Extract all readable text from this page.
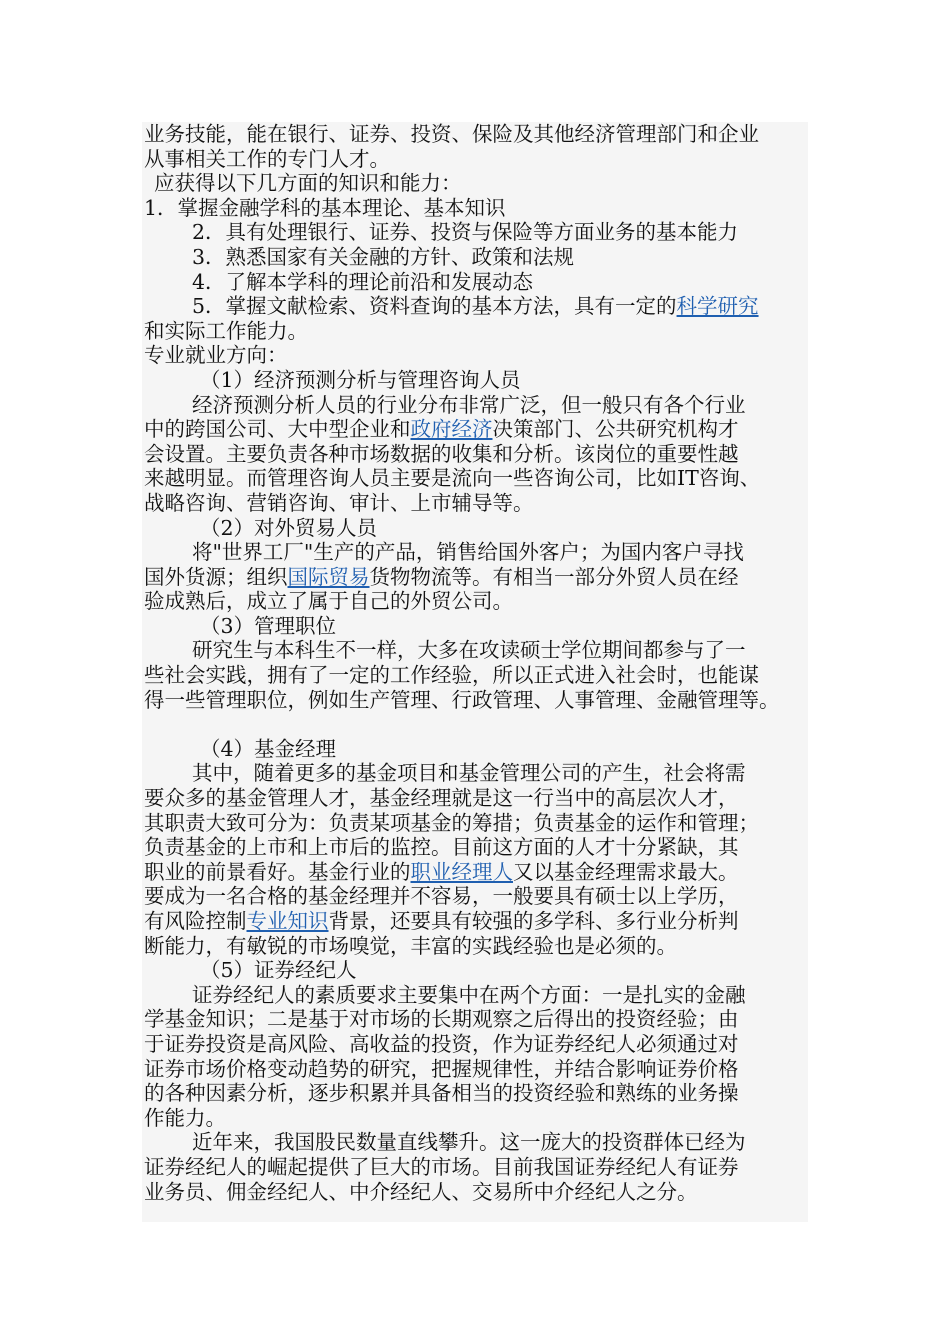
业务技能，能在银行、证券、投资、保险及其他经济管理部门和企业
从事相关工作的专门人才。
应获得以下几方面的知识和能力：
1．掌握金融学科的基本理论、基本知识
2．具有处理银行、证券、投资与保险等方面业务的基本能力
3．熟悉国家有关金融的方针、政策和法规
4．了解本学科的理论前沿和发展动态
5．掌握文献检索、资料查询的基本方法，具有一定的科学研究
和实际工作能力。
专业就业方向：
（1）经济预测分析与管理咨询人员
经济预测分析人员的行业分布非常广泛，但一般只有各个行业
中的跨国公司、大中型企业和政府经济决策部门、公共研究机构才
会设置。主要负责各种市场数据的收集和分析。该岗位的重要性越
来越明显。而管理咨询人员主要是流向一些咨询公司，比如IT咨询、
战略咨询、营销咨询、审计、上市辅导等。
（2）对外贸易人员
将"世界工厂"生产的产品，销售给国外客户；为国内客户寻找
国外货源；组织国际贸易货物物流等。有相当一部分外贸人员在经
验成熟后，成立了属于自己的外贸公司。
（3）管理职位
研究生与本科生不一样，大多在攻读硕士学位期间都参与了一
些社会实践，拥有了一定的工作经验，所以正式进入社会时，也能谋
得一些管理职位，例如生产管理、行政管理、人事管理、金融管理等。
（4）基金经理
其中，随着更多的基金项目和基金管理公司的产生，社会将需
要众多的基金管理人才，基金经理就是这一行当中的高层次人才，
其职责大致可分为：负责某项基金的筹措；负责基金的运作和管理；
负责基金的上市和上市后的监控。目前这方面的人才十分紧缺，其
职业的前景看好。基金行业的职业经理人又以基金经理需求最大。
要成为一名合格的基金经理并不容易，一般要具有硕士以上学历，
有风险控制专业知识背景，还要具有较强的多学科、多行业分析判
断能力，有敏锐的市场嗅觉，丰富的实践经验也是必须的。
（5）证券经纪人
证券经纪人的素质要求主要集中在两个方面：一是扎实的金融
学基金知识；二是基于对市场的长期观察之后得出的投资经验；由
于证券投资是高风险、高收益的投资，作为证券经纪人必须通过对
证券市场价格变动趋势的研究，把握规律性，并结合影响证券价格
的各种因素分析，逐步积累并具备相当的投资经验和熟练的业务操
作能力。
近年来，我国股民数量直线攀升。这一庞大的投资群体已经为
证券经纪人的崛起提供了巨大的市场。目前我国证券经纪人有证券
业务员、佣金经纪人、中介经纪人、交易所中介经纪人之分。
